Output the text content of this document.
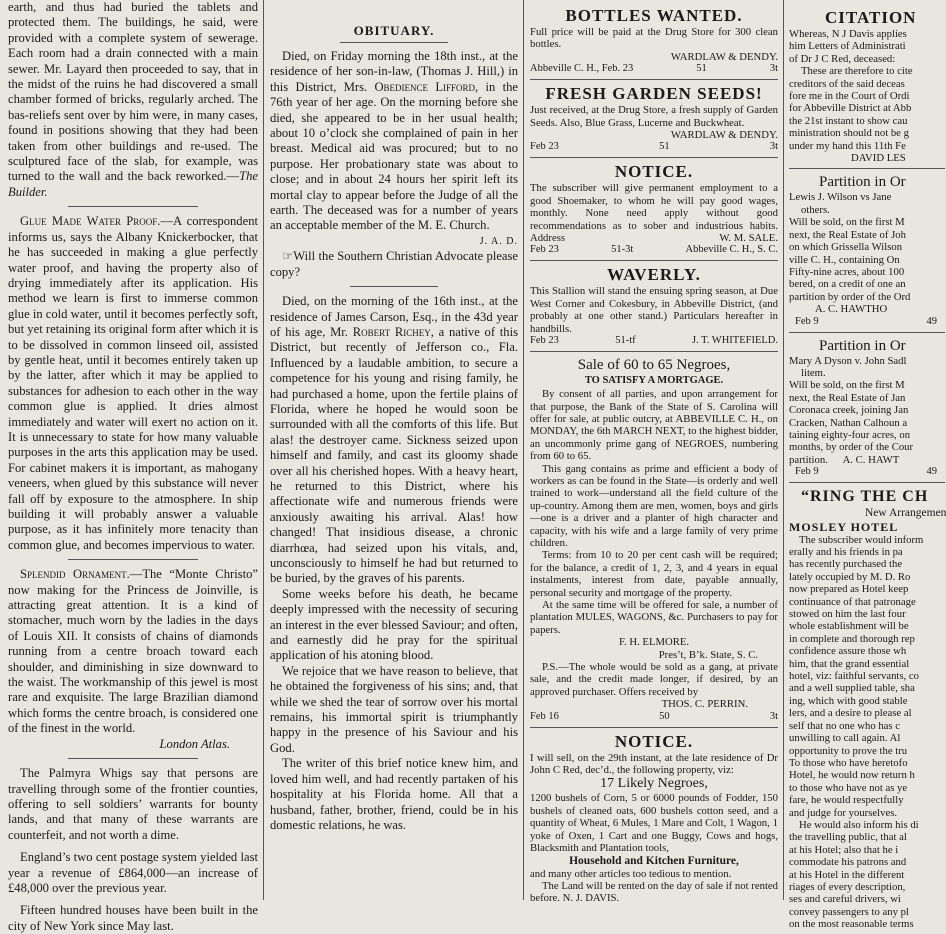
earth, and thus had buried the tablets and protected them. The buildings, he said, were provided with a complete system of sewerage. Each room had a drain connected with a main sewer. Mr. Layard then proceeded to say, that in the midst of the ruins he had discovered a small chamber formed of bricks, regularly arched. The bas-reliefs sent over by him were, in many cases, found in positions showing that they had been taken from other buildings and re-used. The sculptured face of the slab, for example, was turned to the wall and the back reworked.—The Builder.

Glue Made Water Proof.—A correspondent informs us, says the Albany Knickerbocker, that he has succeeded in making a glue perfectly water proof, and having the property also of drying immediately after its application. His method we learn is first to immerse common glue in cold water, until it becomes perfectly soft, but yet retaining its original form after which it is to be dissolved in common linseed oil, assisted by gentle heat, until it becomes entirely taken up by the latter, after which it may be applied to substances for adhesion to each other in the way common glue is applied. It dries almost immediately and water will exert no action on it. It is unnecessary to state for how many valuable purposes in the arts this application may be used. For cabinet makers it is important, as mahogany veneers, when glued by this substance will never fall off by exposure to the atmosphere. In ship building it will probably answer a valuable purpose, as it has infinitely more tenacity than common glue, and becomes impervious to water.

Splendid Ornament.—The “Monte Christo” now making for the Princess de Joinville, is attracting great attention. It is a kind of stomacher, much worn by the ladies in the days of Louis XII. It consists of chains of diamonds running from a centre broach toward each shoulder, and diminishing in size downward to the waist. The workmanship of this jewel is most rare and exquisite. The large Brazilian diamond which forms the centre broach, is considered one of the finest in the world.

London Atlas.

The Palmyra Whigs say that persons are travelling through some of the frontier counties, offering to sell soldiers’ warrants for bounty lands, and that many of these warrants are counterfeit, and not worth a dime.

England’s two cent postage system yielded last year a revenue of £864,000—an increase of £48,000 over the previous year.

Fifteen hundred houses have been built in the city of New York since May last.

OBITUARY.

Died, on Friday morning the 18th inst., at the residence of her son-in-law, (Thomas J. Hill,) in this District, Mrs. Obedience Lifford, in the 76th year of her age. On the morning before she died, she appeared to be in her usual health; about 10 o’clock she complained of pain in her breast. Medical aid was procured; but to no purpose. Her probationary state was about to close; and in about 24 hours her spirit left its mortal clay to appear before the Judge of all the earth. The deceased was for a number of years an acceptable member of the M. E. Church.
J. A. D.

☞Will the Southern Christian Advocate please copy?

Died, on the morning of the 16th inst., at the residence of James Carson, Esq., in the 43d year of his age, Mr. Robert Richey, a native of this District, but recently of Jefferson co., Fla. Influenced by a laudable ambition, to secure a competence for his young and rising family, he had purchased a home, upon the fertile plains of Florida, where he hoped he would soon be surrounded with all the comforts of this life. But alas! the destroyer came. Sickness seized upon himself and family, and cast its gloomy shade over all his cherished hopes. With a heavy heart, he returned to this District, where his affectionate wife and numerous friends were anxiously awaiting his arrival. Alas! how changed! That insidious disease, a chronic diarrhœa, had seized upon his vitals, and, unconsciously to himself he had but returned to be buried, by the graves of his parents.

Some weeks before his death, he became deeply impressed with the necessity of securing an interest in the ever blessed Saviour; and often, and earnestly did he pray for the spiritual application of his atoning blood.

We rejoice that we have reason to believe, that he obtained the forgiveness of his sins; and, that while we shed the tear of sorrow over his mortal remains, his immortal spirit is triumphantly happy in the presence of his Saviour and his God.

The writer of this brief notice knew him, and loved him well, and had recently partaken of his hospitality at his Florida home. All that a husband, father, brother, friend, could be in his domestic relations, he was.

BOTTLES WANTED.

Full price will be paid at the Drug Store for 300 clean bottles.

WARDLAW & DENDY.

Abbeville C. H., Feb. 23	51	3t
FRESH GARDEN SEEDS!

Just received, at the Drug Store, a fresh supply of Garden Seeds. Also, Blue Grass, Lucerne and Buckwheat.

WARDLAW & DENDY.

Feb 23	51	3t
NOTICE.

The subscriber will give permanent employment to a good Shoemaker, to whom he will pay good wages, monthly. None need apply without good recommendations as to sober and industrious habits. Address	W. M. SALE.

Feb 23	51-3t	Abbeville C. H., S. C.
WAVERLY.

This Stallion will stand the ensuing spring season, at Due West Corner and Cokesbury, in Abbeville District, (and probably at one other stand.) Particulars hereafter in handbills.

Feb 23	51-tf	J. T. WHITEFIELD.
Sale of 60 to 65 Negroes,
TO SATISFY A MORTGAGE.

By consent of all parties, and upon arrangement for that purpose, the Bank of the State of S. Carolina will offer for sale, at public outcry, at ABBEVILLE C. H., on MONDAY, the 6th MARCH NEXT, to the highest bidder, an uncommonly prime gang of NEGROES, numbering from 60 to 65.

This gang contains as prime and efficient a body of workers as can be found in the State—is orderly and well trained to work—understand all the field culture of the up-country. Among them are men, women, boys and girls—one is a driver and a planter of high character and capacity, with his wife and a large family of very prime children.

Terms: from 10 to 20 per cent cash will be required; for the balance, a credit of 1, 2, 3, and 4 years in equal instalments, interest from date, payable annually, personal security and mortgage of the property.

At the same time will be offered for sale, a number of plantation MULES, WAGONS, &c. Purchasers to pay for papers.

F. H. ELMORE.

Pres’t, B’k. State, S. C.

P.S.—The whole would be sold as a gang, at private sale, and the credit made longer, if desired, by an approved purchaser. Offers received by

THOS. C. PERRIN.

Feb 16	50	3t
NOTICE.

I will sell, on the 29th instant, at the late residence of Dr John C Red, dec’d., the following property, viz:

17 Likely Negroes,

1200 bushels of Corn, 5 or 6000 pounds of Fodder, 150 bushels of cleaned oats, 600 bushels cotton seed, and a quantity of Wheat, 6 Mules, 1 Mare and Colt, 1 Wagon, 1 yoke of Oxen, 1 Cart and one Buggy, Cows and hogs, Blacksmith and Plantation tools,

Household and Kitchen Furniture,

and many other articles too tedious to mention.

The Land will be rented on the day of sale if not rented before. N. J. DAVIS.

CITATION
Whereas, N J Davis applies
him Letters of Administrati
of Dr J C Red, deceased:
These are therefore to cite
creditors of the said deceas
fore me in the Court of Ordi
for Abbeville District at Abb
the 21st instant to show cau
ministration should not be g
under my hand this 11th Fe
DAVID LES
Partition in Or
Lewis J. Wilson vs Jane
others.
Will be sold, on the first M
next, the Real Estate of Joh
on which Grissella Wilson
ville C. H., containing On
Fifty-nine acres, about 100
bered, on a credit of one an
partition by order of the Ord
A. C. HAWTHO
Feb 9	49
Partition in Or
Mary A Dyson v. John Sadl
litem.
Will be sold, on the first M
next, the Real Estate of Jan
Coronaca creek, joining Jan
Cracken, Nathan Calhoun a
taining eighty-four acres, on
months, by order of the Cour
partition. A. C. HAWT
Feb 9	49
“RING THE CH
New Arrangemen
MOSLEY HOTEL
The subscriber would inform
erally and his friends in pa
has recently purchased the
lately occupied by M. D. Ro
now prepared as Hotel keep
continuance of that patronage
stowed on him the last four
whole establishment will be
in complete and thorough rep
confidence assure those wh
him, that the grand essential
hotel, viz: faithful servants, co
and a well supplied table, sha
ing, which with good stable
lers, and a desire to please al
self that no one who has c
unwilling to call again. Al
opportunity to prove the tru
To those who have heretofo
Hotel, he would now return h
to those who have not as ye
fare, he would respectfully
and judge for yourselves.
He would also inform his di
the travelling public, that al
at his Hotel; also that he i
commodate his patrons and
at his Hotel in the different
riages of every description,
ses and careful drivers, wi
convey passengers to any pl
on the most reasonable terms
